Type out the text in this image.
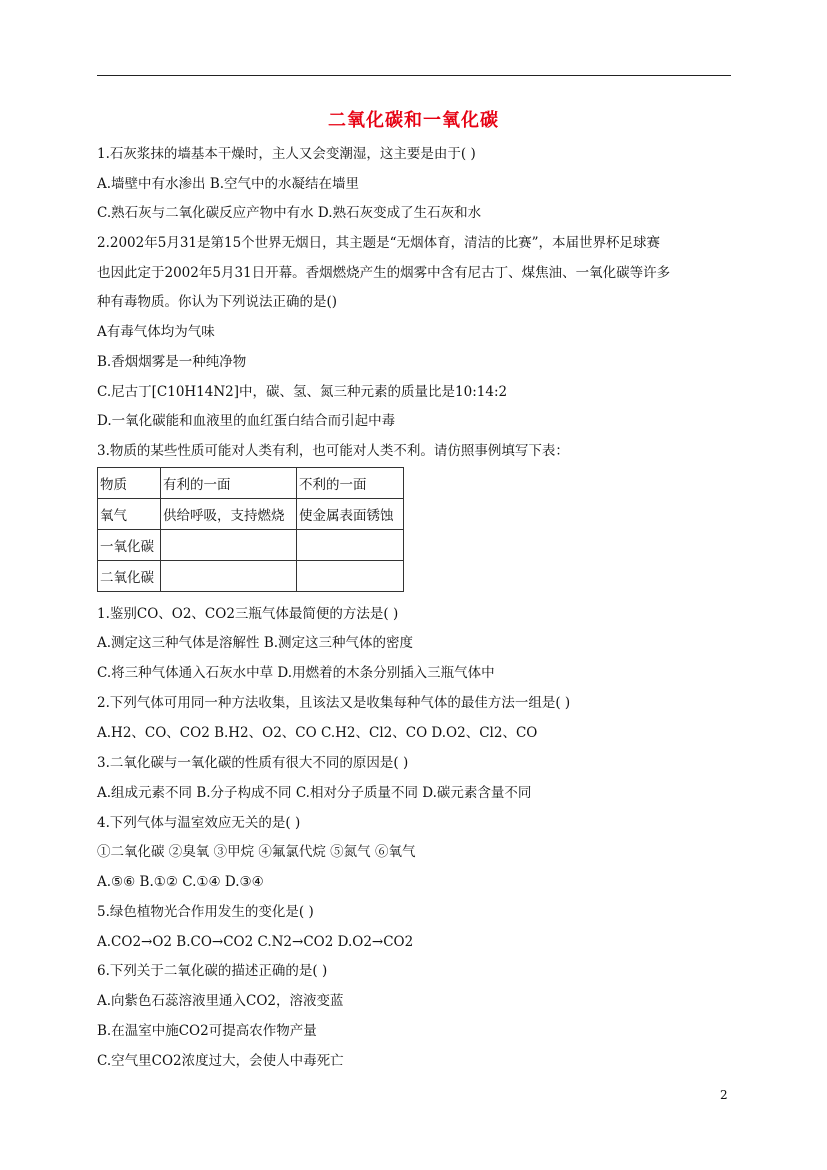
二氧化碳和一氧化碳
1.石灰浆抹的墙基本干燥时，主人又会变潮湿，这主要是由于( )
A.墙壁中有水渗出 B.空气中的水凝结在墙里
C.熟石灰与二氧化碳反应产物中有水 D.熟石灰变成了生石灰和水
2.2002年5月31是第15个世界无烟日，其主题是“无烟体育，清洁的比赛”，本届世界杯足球赛
也因此定于2002年5月31日开幕。香烟燃烧产生的烟雾中含有尼古丁、煤焦油、一氧化碳等许多
种有毒物质。你认为下列说法正确的是()
A有毒气体均为气味
B.香烟烟雾是一种纯净物
C.尼古丁[C10H14N2]中，碳、氢、氮三种元素的质量比是10:14:2
D.一氧化碳能和血液里的血红蛋白结合而引起中毒
3.物质的某些性质可能对人类有利，也可能对人类不利。请仿照事例填写下表：
物质	有利的一面	不利的一面
氧气	供给呼吸，支持燃烧	使金属表面锈蚀
一氧化碳		
二氧化碳		
1.鉴别CO、O2、CO2三瓶气体最简便的方法是( )
A.测定这三种气体是溶解性 B.测定这三种气体的密度
C.将三种气体通入石灰水中草 D.用燃着的木条分别插入三瓶气体中
2.下列气体可用同一种方法收集，且该法又是收集每种气体的最佳方法一组是( )
A.H2、CO、CO2 B.H2、O2、CO C.H2、Cl2、CO D.O2、Cl2、CO
3.二氧化碳与一氧化碳的性质有很大不同的原因是( )
A.组成元素不同 B.分子构成不同 C.相对分子质量不同 D.碳元素含量不同
4.下列气体与温室效应无关的是( )
①二氧化碳 ②臭氧 ③甲烷 ④氟氯代烷 ⑤氮气 ⑥氧气
A.⑤⑥ B.①② C.①④ D.③④
5.绿色植物光合作用发生的变化是( )
A.CO2→O2 B.CO→CO2 C.N2→CO2 D.O2→CO2
6.下列关于二氧化碳的描述正确的是( )
A.向紫色石蕊溶液里通入CO2，溶液变蓝
B.在温室中施CO2可提高农作物产量
C.空气里CO2浓度过大，会使人中毒死亡
2
